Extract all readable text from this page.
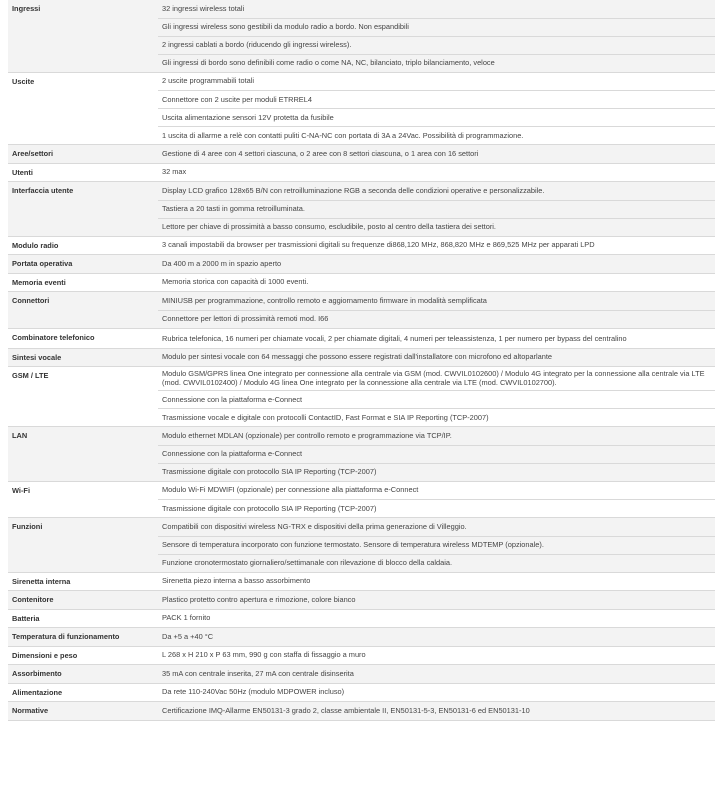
Ingressi	32 ingressi wireless totali
Gli ingressi wireless sono gestibili da modulo radio a bordo. Non espandibili
2 ingressi cablati a bordo (riducendo gli ingressi wireless).
Gli ingressi di bordo sono definibili come radio o come NA, NC, bilanciato, triplo bilanciamento, veloce
Uscite	2 uscite programmabili totali
Connettore con 2 uscite per moduli ETRREL4
Uscita alimentazione sensori 12V protetta da fusibile
1 uscita di allarme a relè con contatti puliti C-NA-NC con portata di 3A a 24Vac. Possibilità di programmazione.
Aree/settori	Gestione di 4 aree con 4 settori ciascuna, o 2 aree con 8 settori ciascuna, o 1 area con 16 settori
Utenti	32 max
Interfaccia utente	Display LCD grafico 128x65 B/N con retroilluminazione RGB a seconda delle condizioni operative e personalizzabile.
Tastiera a 20 tasti in gomma retroilluminata.
Lettore per chiave di prossimità a basso consumo, escludibile, posto al centro della tastiera dei settori.
Modulo radio	3 canali impostabili da browser per trasmissioni digitali su frequenze di868,120 MHz, 868,820 MHz e 869,525 MHz per apparati LPD
Portata operativa	Da 400 m a 2000 m in spazio aperto
Memoria eventi	Memoria storica con capacità di 1000 eventi.
Connettori	MINIUSB per programmazione, controllo remoto e aggiornamento firmware in modalità semplificata
Connettore per lettori di prossimità remoti mod. I66
Combinatore telefonico	Rubrica telefonica, 16 numeri per chiamate vocali, 2 per chiamate digitali, 4 numeri per teleassistenza, 1 per numero per bypass del centralino
Sintesi vocale	Modulo per sintesi vocale con 64 messaggi che possono essere registrati dall'installatore con microfono ed altoparlante
GSM / LTE	Modulo GSM/GPRS linea One integrato per connessione alla centrale via GSM (mod. CWVIL0102600) / Modulo 4G integrato per la connessione alla centrale via LTE (mod. CWVIL0102400) / Modulo 4G linea One integrato per la connessione alla centrale via LTE (mod. CWVIL0102700).
Connessione con la piattaforma e-Connect
Trasmissione vocale e digitale con protocolli ContactID, Fast Format e SIA IP Reporting (TCP-2007)
LAN	Modulo ethernet MDLAN (opzionale) per controllo remoto e programmazione via TCP/IP.
Connessione con la piattaforma e-Connect
Trasmissione digitale con protocollo SIA IP Reporting (TCP-2007)
Wi-Fi	Modulo Wi-Fi MDWIFI (opzionale) per connessione alla piattaforma e-Connect
Trasmissione digitale con protocollo SIA IP Reporting (TCP-2007)
Funzioni	Compatibili con dispositivi wireless NG-TRX e dispositivi della prima generazione di Villeggio.
Sensore di temperatura incorporato con funzione termostato. Sensore di temperatura wireless MDTEMP (opzionale).
Funzione cronotermostato giornaliero/settimanale con rilevazione di blocco della caldaia.
Sirenetta interna	Sirenetta piezo interna a basso assorbimento
Contenitore	Plastico protetto contro apertura e rimozione, colore bianco
Batteria	PACK 1 fornito
Temperatura di funzionamento	Da +5 a +40 °C
Dimensioni e peso	L 268 x H 210 x P 63 mm, 990 g con staffa di fissaggio a muro
Assorbimento	35 mA con centrale inserita, 27 mA con centrale disinserita
Alimentazione	Da rete 110-240Vac 50Hz (modulo MDPOWER incluso)
Normative	Certificazione IMQ-Allarme EN50131-3 grado 2, classe ambientale II, EN50131-5-3, EN50131-6 ed EN50131-10
